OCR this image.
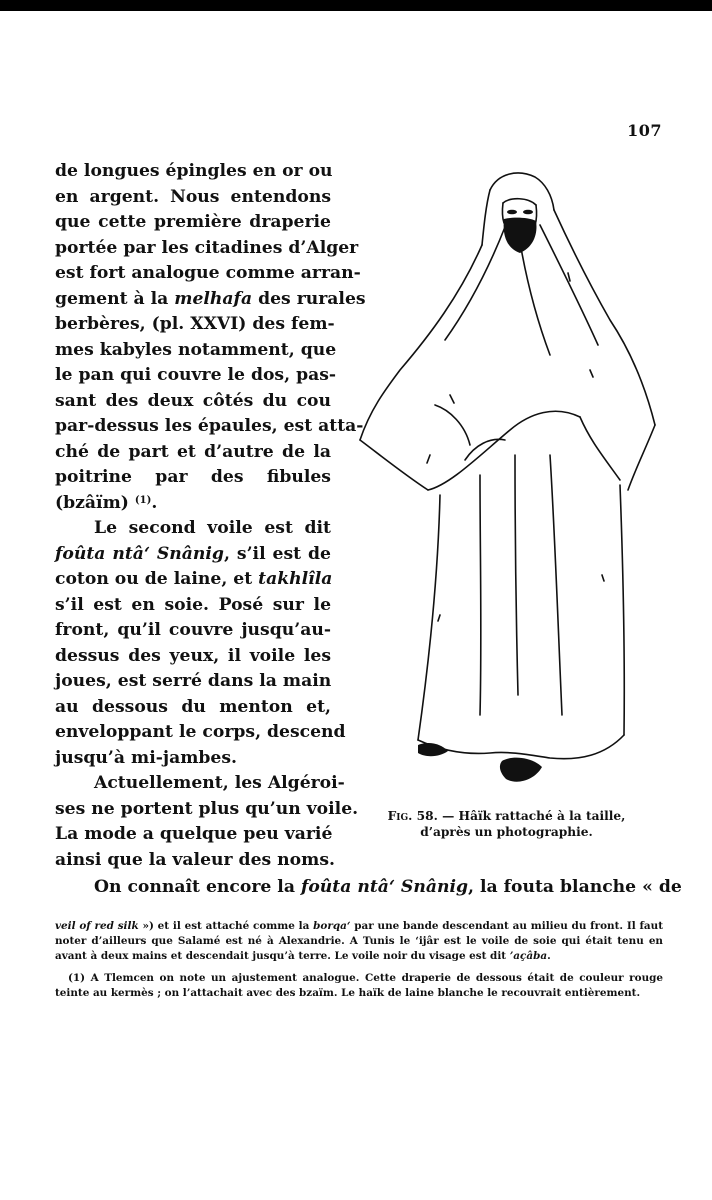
107
de longues épingles en or ou
en argent. Nous entendons
que cette première draperie
portée par les citadines d’Alger
est fort analogue comme arran-
gement à la melhafa des rurales
berbères, (pl. XXVI) des fem-
mes kabyles notamment, que
le pan qui couvre le dos, pas-
sant des deux côtés du cou
par-dessus les épaules, est atta-
ché de part et d’autre de la
poitrine par des fibules
(bzâïm) $^{(1)}$.
Le second voile est dit
foûta ntâ‘ Snânig, s’il est de
coton ou de laine, et takhlîla
s’il est en soie. Posé sur le
front, qu’il couvre jusqu’au-
dessus des yeux, il voile les
joues, est serré dans la main
au dessous du menton et,
enveloppant le corps, descend
jusqu’à mi-jambes.
Actuellement, les Algéroi-
ses ne portent plus qu’un voile.
La mode a quelque peu varié
ainsi que la valeur des noms.
On connaît encore la foûta ntâ‘ Snânig, la fouta blanche « de
Fig. 58. — Hâïk rattaché à la taille,
d’après un photographie.
veil of red silk ») et il est attaché comme la borqa‘ par une bande descendant au milieu du front. Il faut
noter d’ailleurs que Salamé est né à Alexandrie. A Tunis le ‘ijâr est le voile de soie qui était tenu en
avant à deux mains et descendait jusqu’à terre. Le voile noir du visage est dit ’açâba.
(1) A Tlemcen on note un ajustement analogue. Cette draperie de dessous était de couleur rouge
teinte au kermès ; on l’attachait avec des bzaïm. Le haïk de laine blanche le recouvrait entièrement.
